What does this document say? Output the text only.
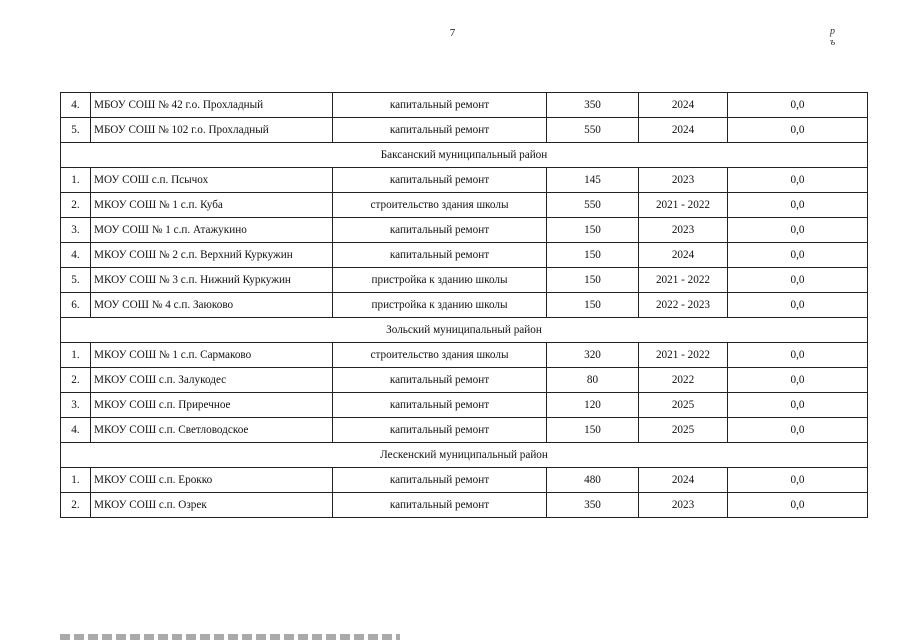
7	р ъ
4.	МБОУ СОШ № 42 г.о. Прохладный	капитальный ремонт	350	2024	0,0
5.	МБОУ СОШ № 102 г.о. Прохладный	капитальный ремонт	550	2024	0,0
Баксанский муниципальный район					
1.	МОУ СОШ с.п. Псычох	капитальный ремонт	145	2023	0,0
2.	МКОУ СОШ № 1 с.п. Куба	строительство здания школы	550	2021 - 2022	0,0
3.	МОУ СОШ № 1 с.п. Атажукино	капитальный ремонт	150	2023	0,0
4.	МКОУ СОШ № 2 с.п. Верхний Куркужин	капитальный ремонт	150	2024	0,0
5.	МКОУ СОШ № 3 с.п. Нижний Куркужин	пристройка к зданию школы	150	2021 - 2022	0,0
6.	МОУ СОШ № 4 с.п. Заюково	пристройка к зданию школы	150	2022 - 2023	0,0
Зольский муниципальный район					
1.	МКОУ СОШ № 1 с.п. Сармаково	строительство здания школы	320	2021 - 2022	0,0
2.	МКОУ СОШ с.п. Залукодес	капитальный ремонт	80	2022	0,0
3.	МКОУ СОШ с.п. Приречное	капитальный ремонт	120	2025	0,0
4.	МКОУ СОШ с.п. Светловодское	капитальный ремонт	150	2025	0,0
Лескенский муниципальный район					
1.	МКОУ СОШ с.п. Ерокко	капитальный ремонт	480	2024	0,0
2.	МКОУ СОШ с.п. Озрек	капитальный ремонт	350	2023	0,0
